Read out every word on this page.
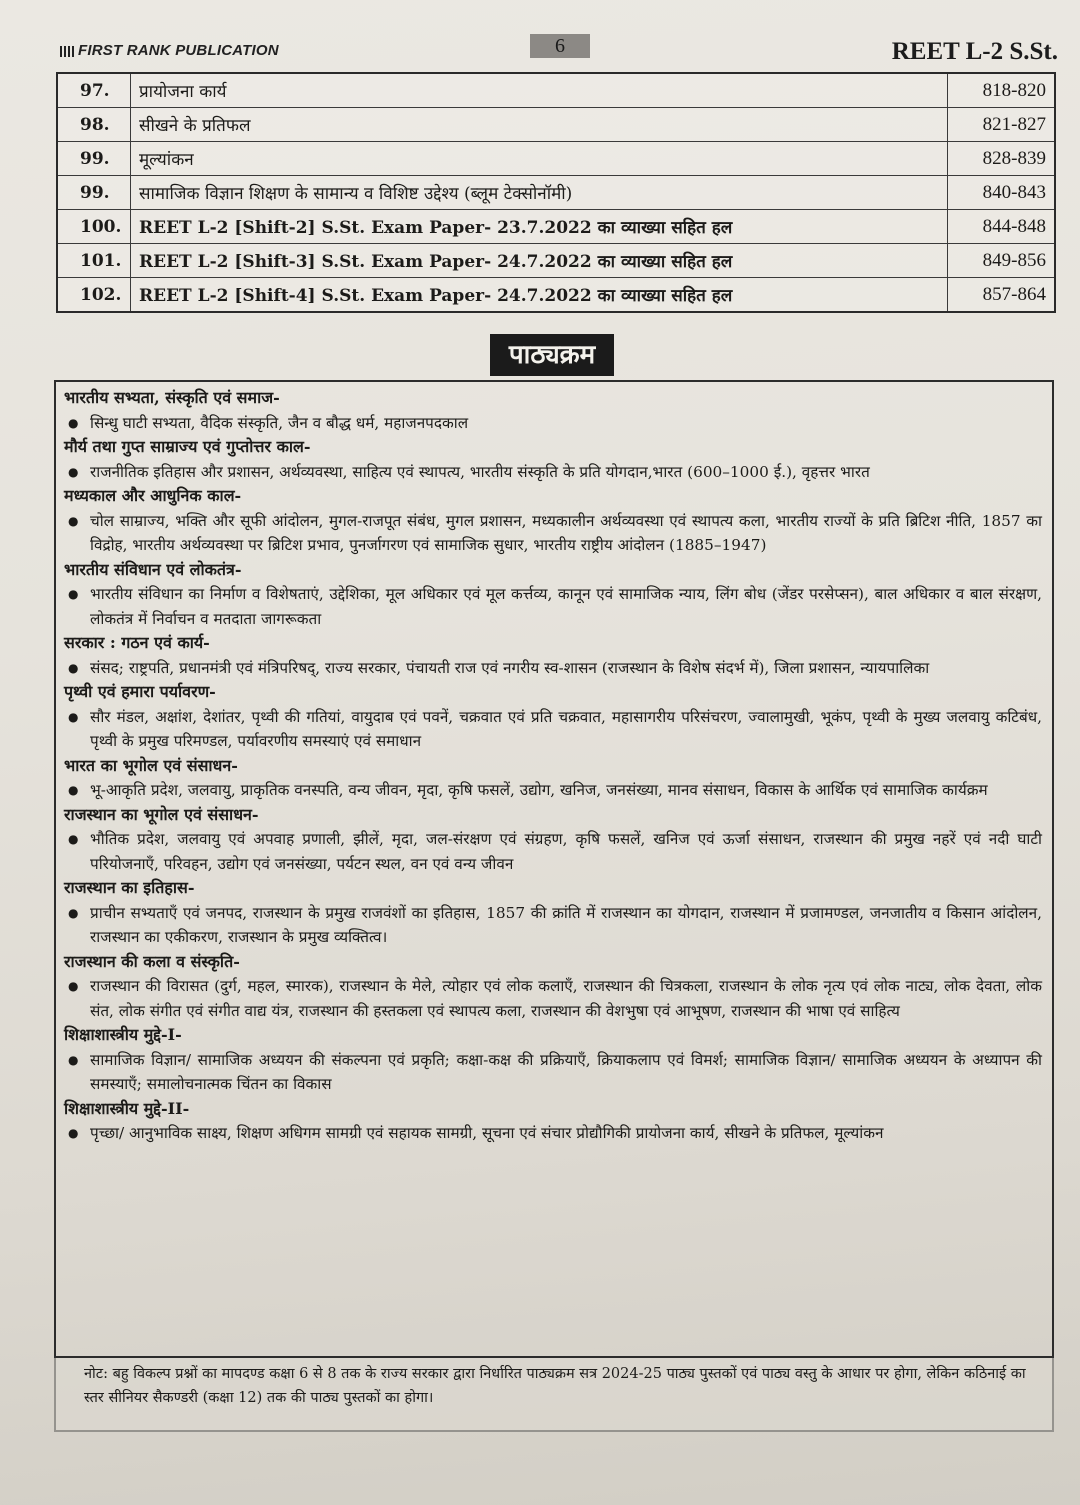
FIRST RANK PUBLICATION	6	REET L-2 S.St.
97.	प्रायोजना कार्य	818-820
98.	सीखने के प्रतिफल	821-827
99.	मूल्यांकन	828-839
99.	सामाजिक विज्ञान शिक्षण के सामान्य व विशिष्ट उद्देश्य (ब्लूम टेक्सोनॉमी)	840-843
100.	REET L-2 [Shift-2] S.St. Exam Paper- 23.7.2022 का व्याख्या सहित हल	844-848
101.	REET L-2 [Shift-3] S.St. Exam Paper- 24.7.2022 का व्याख्या सहित हल	849-856
102.	REET L-2 [Shift-4] S.St. Exam Paper- 24.7.2022 का व्याख्या सहित हल	857-864
पाठ्यक्रम
भारतीय सभ्यता, संस्कृति एवं समाज-
● सिन्धु घाटी सभ्यता, वैदिक संस्कृति, जैन व बौद्ध धर्म, महाजनपदकाल
मौर्य तथा गुप्त साम्राज्य एवं गुप्तोत्तर काल-
● राजनीतिक इतिहास और प्रशासन, अर्थव्यवस्था, साहित्य एवं स्थापत्य, भारतीय संस्कृति के प्रति योगदान,भारत (600–1000 ई.), वृहत्तर भारत
मध्यकाल और आधुनिक काल-
● चोल साम्राज्य, भक्ति और सूफी आंदोलन, मुगल-राजपूत संबंध, मुगल प्रशासन, मध्यकालीन अर्थव्यवस्था एवं स्थापत्य कला, भारतीय राज्यों के प्रति ब्रिटिश नीति, 1857 का विद्रोह, भारतीय अर्थव्यवस्था पर ब्रिटिश प्रभाव, पुनर्जागरण एवं सामाजिक सुधार, भारतीय राष्ट्रीय आंदोलन (1885–1947)
भारतीय संविधान एवं लोकतंत्र-
● भारतीय संविधान का निर्माण व विशेषताएं, उद्देशिका, मूल अधिकार एवं मूल कर्त्तव्य, कानून एवं सामाजिक न्याय, लिंग बोध (जेंडर परसेप्सन), बाल अधिकार व बाल संरक्षण, लोकतंत्र में निर्वाचन व मतदाता जागरूकता
सरकार : गठन एवं कार्य-
● संसद; राष्ट्रपति, प्रधानमंत्री एवं मंत्रिपरिषद्, राज्य सरकार, पंचायती राज एवं नगरीय स्व-शासन (राजस्थान के विशेष संदर्भ में), जिला प्रशासन, न्यायपालिका
पृथ्वी एवं हमारा पर्यावरण-
● सौर मंडल, अक्षांश, देशांतर, पृथ्वी की गतियां, वायुदाब एवं पवनें, चक्रवात एवं प्रति चक्रवात, महासागरीय परिसंचरण, ज्वालामुखी, भूकंप, पृथ्वी के मुख्य जलवायु कटिबंध, पृथ्वी के प्रमुख परिमण्डल, पर्यावरणीय समस्याएं एवं समाधान
भारत का भूगोल एवं संसाधन-
● भू-आकृति प्रदेश, जलवायु, प्राकृतिक वनस्पति, वन्य जीवन, मृदा, कृषि फसलें, उद्योग, खनिज, जनसंख्या, मानव संसाधन, विकास के आर्थिक एवं सामाजिक कार्यक्रम
राजस्थान का भूगोल एवं संसाधन-
● भौतिक प्रदेश, जलवायु एवं अपवाह प्रणाली, झीलें, मृदा, जल-संरक्षण एवं संग्रहण, कृषि फसलें, खनिज एवं ऊर्जा संसाधन, राजस्थान की प्रमुख नहरें एवं नदी घाटी परियोजनाएँ, परिवहन, उद्योग एवं जनसंख्या, पर्यटन स्थल, वन एवं वन्य जीवन
राजस्थान का इतिहास-
● प्राचीन सभ्यताएँ एवं जनपद, राजस्थान के प्रमुख राजवंशों का इतिहास, 1857 की क्रांति में राजस्थान का योगदान, राजस्थान में प्रजामण्डल, जनजातीय व किसान आंदोलन, राजस्थान का एकीकरण, राजस्थान के प्रमुख व्यक्तित्व।
राजस्थान की कला व संस्कृति-
● राजस्थान की विरासत (दुर्ग, महल, स्मारक), राजस्थान के मेले, त्योहार एवं लोक कलाएँ, राजस्थान की चित्रकला, राजस्थान के लोक नृत्य एवं लोक नाट्य, लोक देवता, लोक संत, लोक संगीत एवं संगीत वाद्य यंत्र, राजस्थान की हस्तकला एवं स्थापत्य कला, राजस्थान की वेशभुषा एवं आभूषण, राजस्थान की भाषा एवं साहित्य
शिक्षाशास्त्रीय मुद्दे-I-
● सामाजिक विज्ञान/ सामाजिक अध्ययन की संकल्पना एवं प्रकृति; कक्षा-कक्ष की प्रक्रियाएँ, क्रियाकलाप एवं विमर्श; सामाजिक विज्ञान/ सामाजिक अध्ययन के अध्यापन की समस्याएँ; समालोचनात्मक चिंतन का विकास
शिक्षाशास्त्रीय मुद्दे-II-
● पृच्छा/ आनुभाविक साक्ष्य, शिक्षण अधिगम सामग्री एवं सहायक सामग्री, सूचना एवं संचार प्रोद्यौगिकी प्रायोजना कार्य, सीखने के प्रतिफल, मूल्यांकन
नोट: बहु विकल्प प्रश्नों का मापदण्ड कक्षा 6 से 8 तक के राज्य सरकार द्वारा निर्धारित पाठ्यक्रम सत्र 2024-25 पाठ्य पुस्तकों एवं पाठ्य वस्तु के आधार पर होगा, लेकिन कठिनाई का स्तर सीनियर सैकण्डरी (कक्षा 12) तक की पाठ्य पुस्तकों का होगा।
